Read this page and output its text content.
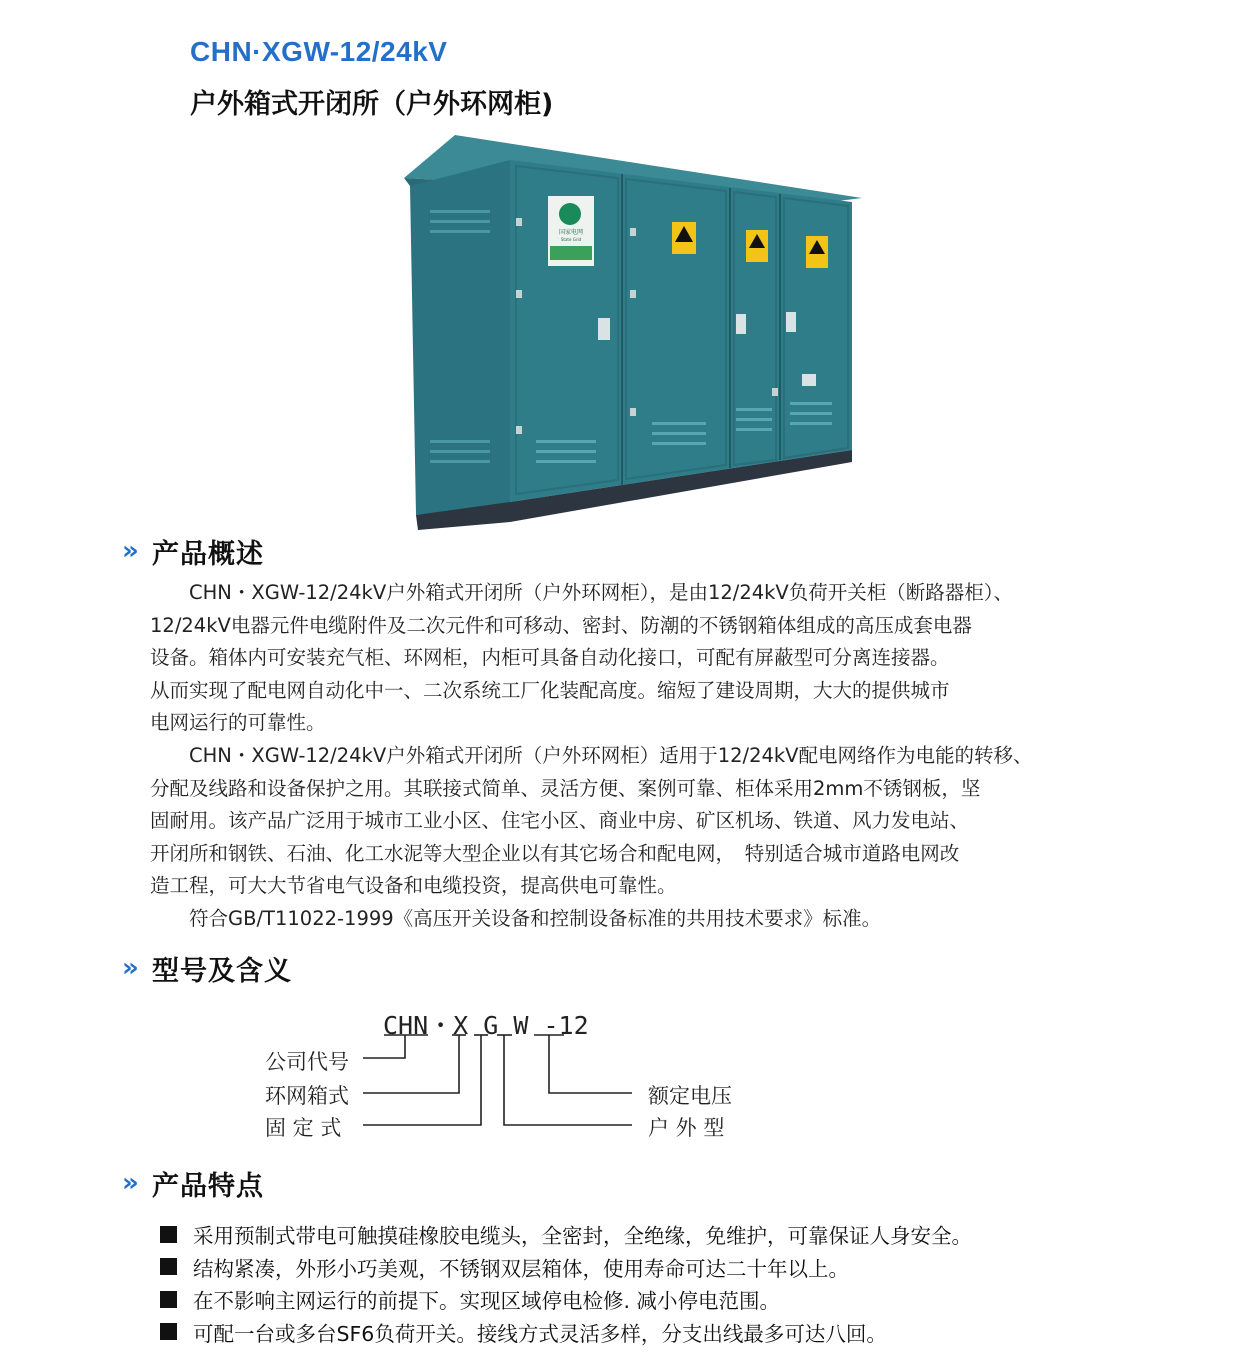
CHN·XGW-12/24kV
户外箱式开闭所（户外环网柜)
国家电网
State Grid
» 产品概述
　　CHN・XGW-12/24kV户外箱式开闭所（户外环网柜），是由12/24kV负荷开关柜（断路器柜）、
12/24kV电器元件电缆附件及二次元件和可移动、密封、防潮的不锈钢箱体组成的高压成套电器
设备。箱体内可安装充气柜、环网柜，内柜可具备自动化接口，可配有屏蔽型可分离连接器。
从而实现了配电网自动化中一、二次系统工厂化装配高度。缩短了建设周期，大大的提供城市
电网运行的可靠性。
　　CHN・XGW-12/24kV户外箱式开闭所（户外环网柜）适用于12/24kV配电网络作为电能的转移、
分配及线路和设备保护之用。其联接式简单、灵活方便、案例可靠、柜体采用2mm不锈钢板，坚
固耐用。该产品广泛用于城市工业小区、住宅小区、商业中房、矿区机场、铁道、风力发电站、
开闭所和钢铁、石油、化工水泥等大型企业以有其它场合和配电网，　特别适合城市道路电网改
造工程，可大大节省电气设备和电缆投资，提高供电可靠性。
　　符合GB/T11022-1999《高压开关设备和控制设备标准的共用技术要求》标准。
» 型号及含义
CHN・X G W -12
公司代号
环网箱式
固 定 式
额定电压
户 外 型
» 产品特点
采用预制式带电可触摸硅橡胶电缆头，全密封，全绝缘，免维护，可靠保证人身安全。
结构紧凑，外形小巧美观，不锈钢双层箱体，使用寿命可达二十年以上。
在不影响主网运行的前提下。实现区域停电检修. 减小停电范围。
可配一台或多台SF6负荷开关。接线方式灵活多样，分支出线最多可达八回。
